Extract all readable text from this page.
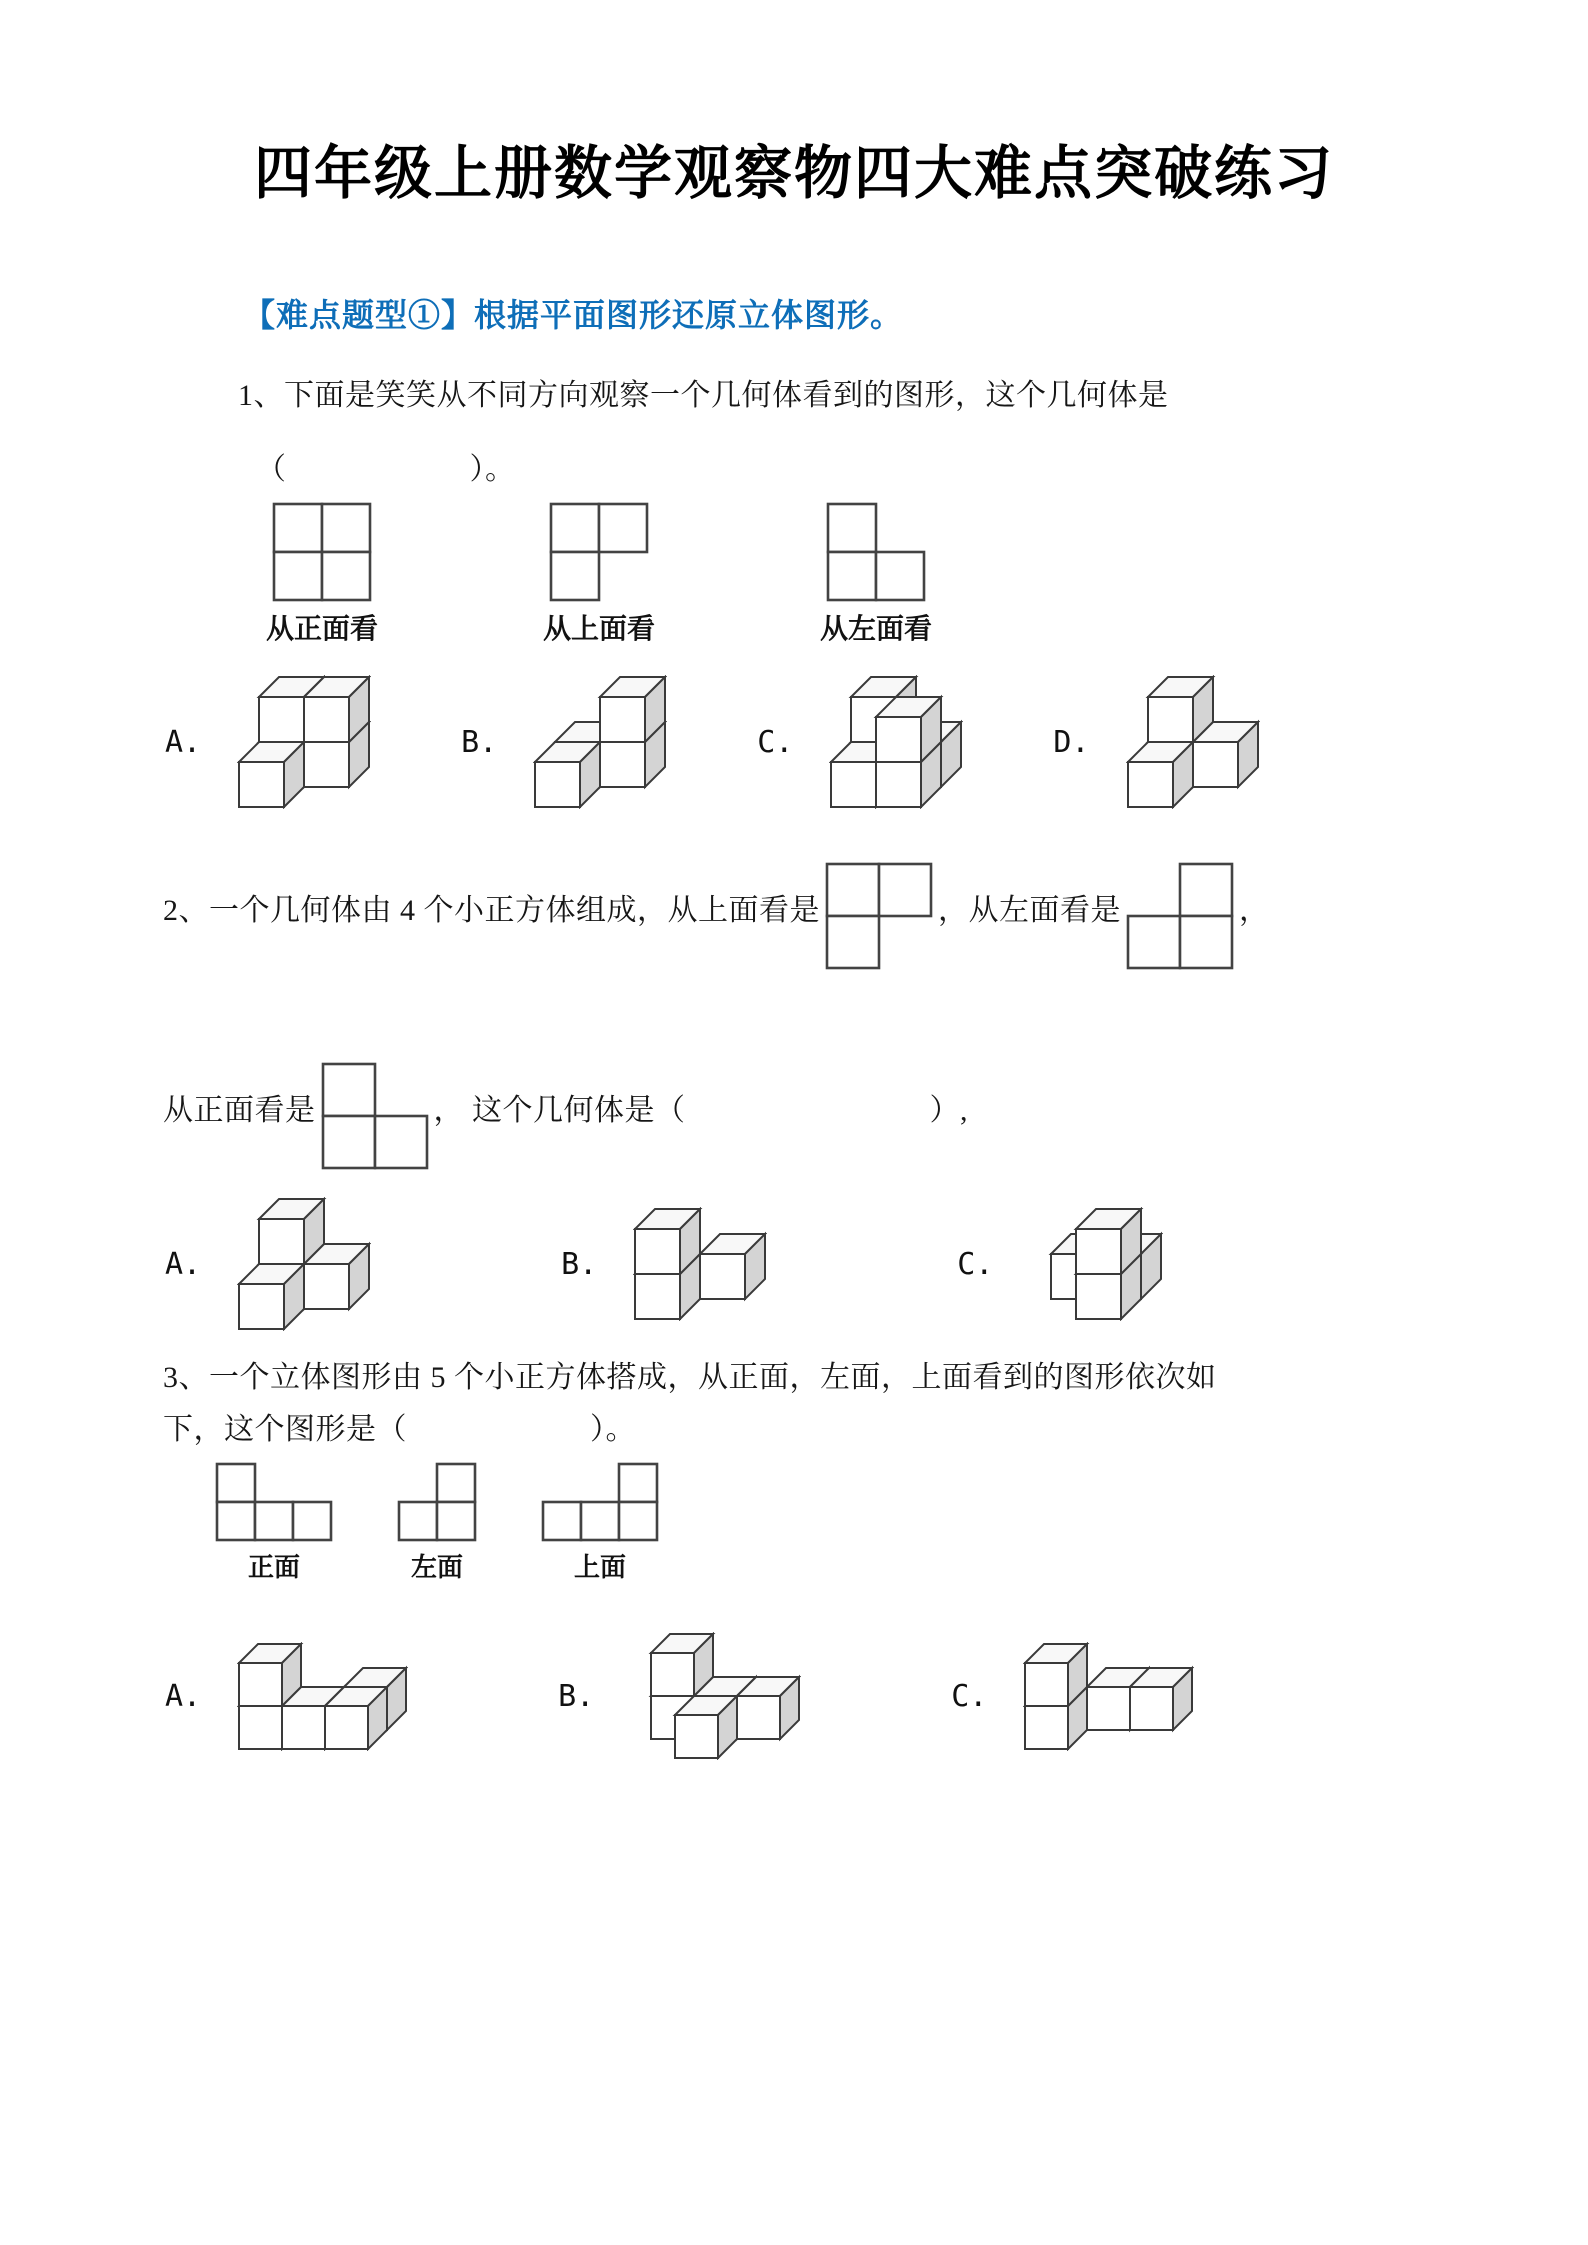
四年级上册数学观察物四大难点突破练习
【难点题型①】根据平面图形还原立体图形。

1、下面是笑笑从不同方向观察一个几何体看到的图形，这个几何体是

（　　　　　　）。

从正面看	从上面看	从左面看
A.	B.	C.	D.

2、一个几何体由 4 个小正方体组成，从上面看是	，从左面看是	，

从正面看是	， 这个几何体是（　　　　　　　　）,

A.	B.	C.

3、一个立体图形由 5 个小正方体搭成，从正面，左面，上面看到的图形依次如

下，这个图形是（　　　　　　）。

正面	左面	上面
A.	B.	C.
